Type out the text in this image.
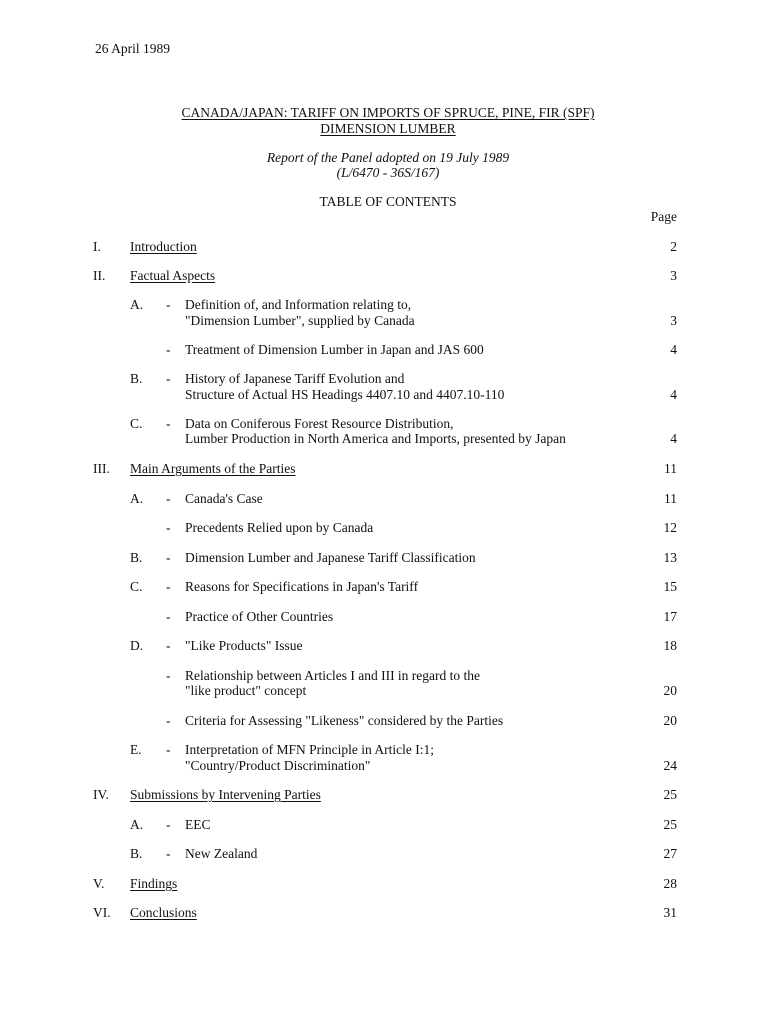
26 April 1989
CANADA/JAPAN: TARIFF ON IMPORTS OF SPRUCE, PINE, FIR (SPF)
DIMENSION LUMBER
Report of the Panel adopted on 19 July 1989
(L/6470 - 36S/167)
TABLE OF CONTENTS
Page
I. Introduction	2
II. Factual Aspects	3
A. - Definition of, and Information relating to,
"Dimension Lumber", supplied by Canada	3
- Treatment of Dimension Lumber in Japan and JAS 600	4
B. - History of Japanese Tariff Evolution and
Structure of Actual HS Headings 4407.10 and 4407.10-110	4
C. - Data on Coniferous Forest Resource Distribution,
Lumber Production in North America and Imports, presented by Japan	4
III. Main Arguments of the Parties	11
A. - Canada's Case	11
- Precedents Relied upon by Canada	12
B. - Dimension Lumber and Japanese Tariff Classification	13
C. - Reasons for Specifications in Japan's Tariff	15
- Practice of Other Countries	17
D. - "Like Products" Issue	18
- Relationship between Articles I and III in regard to the
"like product" concept	20
- Criteria for Assessing "Likeness" considered by the Parties	20
E. - Interpretation of MFN Principle in Article I:1;
"Country/Product Discrimination"	24
IV. Submissions by Intervening Parties	25
A. - EEC	25
B. - New Zealand	27
V. Findings	28
VI. Conclusions	31
